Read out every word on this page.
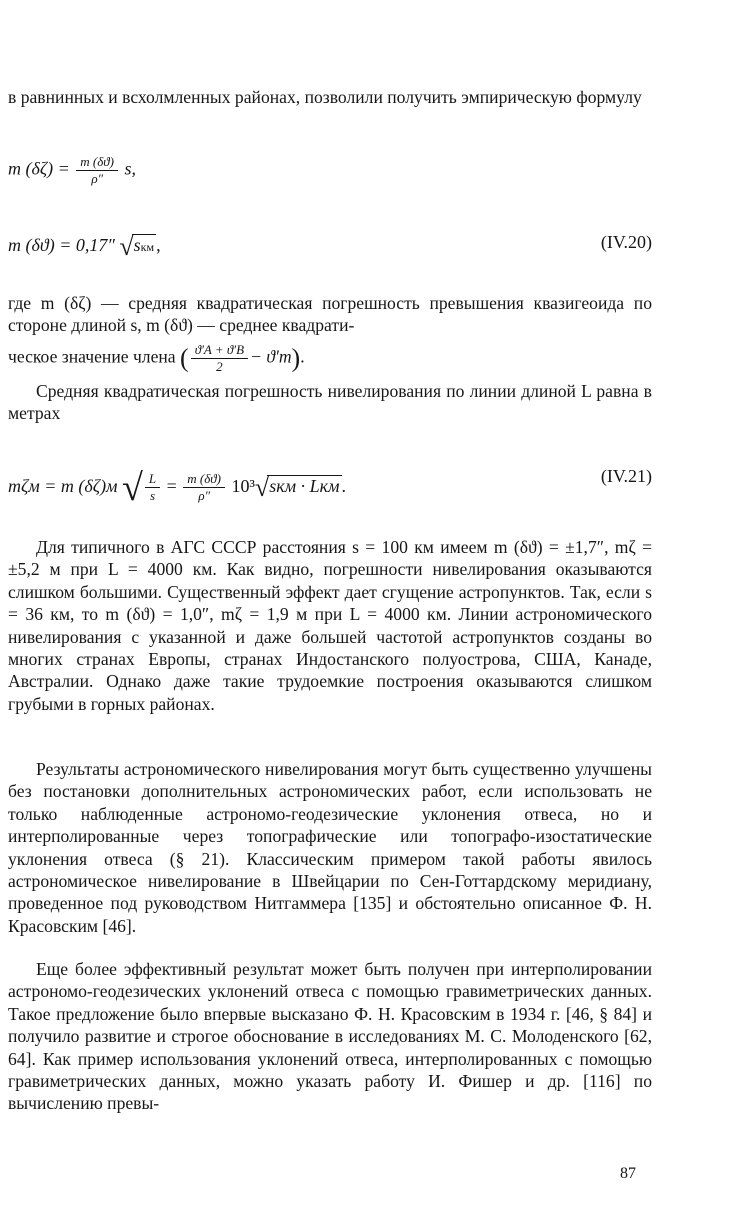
в равнинных и всхолмленных районах, позволили получить эмпирическую формулу
m $(\delta\zeta) = \frac{m (\delta ϑ)}{\rho''} s$,
m (δϑ) = 0,17″ √sкм ,	(IV.20)
где m (δζ) — средняя квадратическая погрешность превышения квазигеоида по стороне длиной s, m (δϑ) — среднее квадрати-
ческое значение члена ( $\frac{ϑ'A + ϑ'B}{2} - ϑ'm$).
Средняя квадратическая погрешность нивелирования по линии длиной L равна в метрах
mζм = m (δζ)м √ $\frac{L}{s} = \frac{m (\delta ϑ)}{\rho''} 10^3√sкм$ · Lкм .	(IV.21)
Для типичного в АГС СССР расстояния s = 100 км имеем m (δϑ) = ±1,7″, mζ = ±5,2 м при L = 4000 км. Как видно, погрешности нивелирования оказываются слишком большими. Существенный эффект дает сгущение астропунктов. Так, если s = 36 км, то m (δϑ) = 1,0″, mζ = 1,9 м при L = 4000 км. Линии астрономического нивелирования с указанной и даже большей частотой астропунктов созданы во многих странах Европы, странах Индостанского полуострова, США, Канаде, Австралии. Однако даже такие трудоемкие построения оказываются слишком грубыми в горных районах.
Результаты астрономического нивелирования могут быть существенно улучшены без постановки дополнительных астрономических работ, если использовать не только наблюденные астрономо-геодезические уклонения отвеса, но и интерполированные через топографические или топографо-изостатические уклонения отвеса (§ 21). Классическим примером такой работы явилось астрономическое нивелирование в Швейцарии по Сен-Готтардскому меридиану, проведенное под руководством Нитгаммера [135] и обстоятельно описанное Ф. Н. Красовским [46].
Еще более эффективный результат может быть получен при интерполировании астрономо-геодезических уклонений отвеса с помощью гравиметрических данных. Такое предложение было впервые высказано Ф. Н. Красовским в 1934 г. [46, § 84] и получило развитие и строгое обоснование в исследованиях М. С. Молоденского [62, 64]. Как пример использования уклонений отвеса, интерполированных с помощью гравиметрических данных, можно указать работу И. Фишер и др. [116] по вычислению превы-
87
